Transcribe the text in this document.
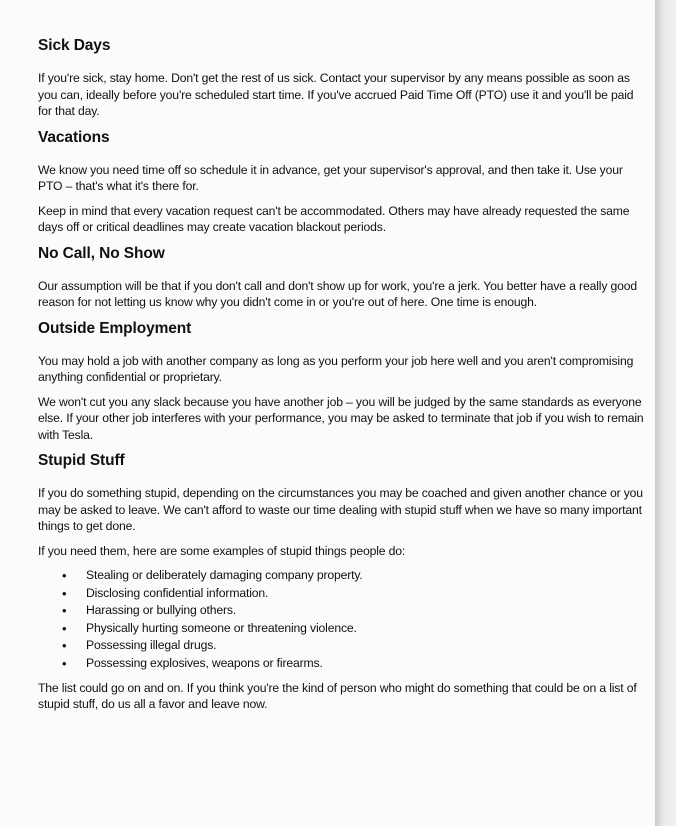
Sick Days

If you're sick, stay home. Don't get the rest of us sick. Contact your supervisor by any means possible as soon as you can, ideally before you're scheduled start time. If you've accrued Paid Time Off (PTO) use it and you'll be paid for that day.

Vacations

We know you need time off so schedule it in advance, get your supervisor's approval, and then take it. Use your PTO – that's what it's there for.

Keep in mind that every vacation request can't be accommodated. Others may have already requested the same days off or critical deadlines may create vacation blackout periods.

No Call, No Show

Our assumption will be that if you don't call and don't show up for work, you're a jerk. You better have a really good reason for not letting us know why you didn't come in or you're out of here. One time is enough.

Outside Employment

You may hold a job with another company as long as you perform your job here well and you aren't compromising anything confidential or proprietary.

We won't cut you any slack because you have another job – you will be judged by the same standards as everyone else. If your other job interferes with your performance, you may be asked to terminate that job if you wish to remain with Tesla.

Stupid Stuff

If you do something stupid, depending on the circumstances you may be coached and given another chance or you may be asked to leave. We can't afford to waste our time dealing with stupid stuff when we have so many important things to get done.

If you need them, here are some examples of stupid things people do:

• Stealing or deliberately damaging company property.
• Disclosing confidential information.
• Harassing or bullying others.
• Physically hurting someone or threatening violence.
• Possessing illegal drugs.
• Possessing explosives, weapons or firearms.

The list could go on and on. If you think you're the kind of person who might do something that could be on a list of stupid stuff, do us all a favor and leave now.
